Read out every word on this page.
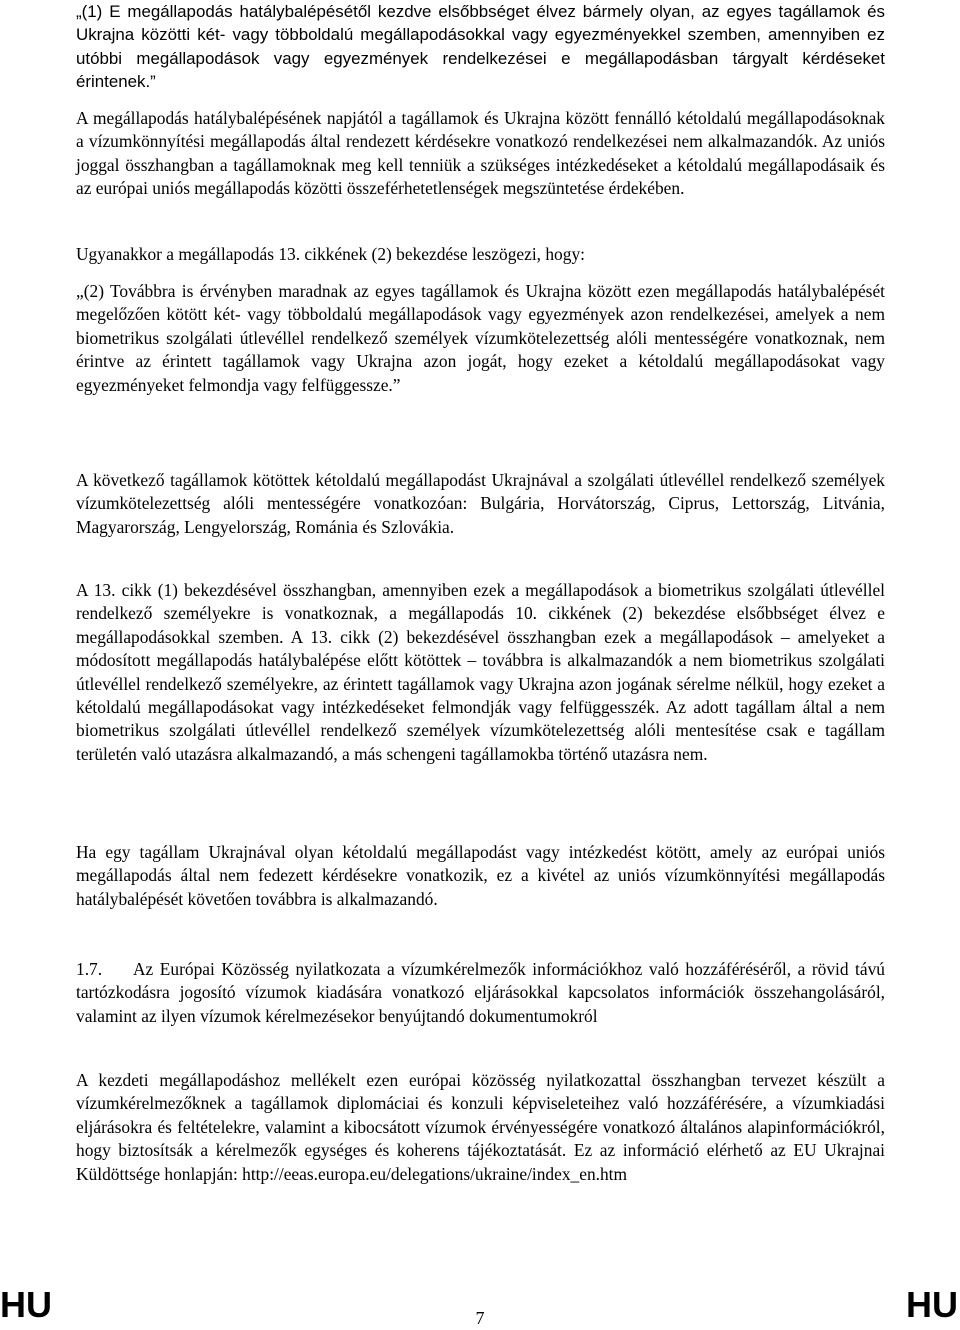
„(1) E megállapodás hatálybalépésétől kezdve elsőbbséget élvez bármely olyan, az egyes tagállamok és Ukrajna közötti két- vagy többoldalú megállapodásokkal vagy egyezményekkel szemben, amennyiben ez utóbbi megállapodások vagy egyezmények rendelkezései e megállapodásban tárgyalt kérdéseket érintenek.”

A megállapodás hatálybalépésének napjától a tagállamok és Ukrajna között fennálló kétoldalú megállapodásoknak a vízumkönnyítési megállapodás által rendezett kérdésekre vonatkozó rendelkezései nem alkalmazandók. Az uniós joggal összhangban a tagállamoknak meg kell tenniük a szükséges intézkedéseket a kétoldalú megállapodásaik és az európai uniós megállapodás közötti összeférhetetlenségek megszüntetése érdekében.

Ugyanakkor a megállapodás 13. cikkének (2) bekezdése leszögezi, hogy:

„(2) Továbbra is érvényben maradnak az egyes tagállamok és Ukrajna között ezen megállapodás hatálybalépését megelőzően kötött két- vagy többoldalú megállapodások vagy egyezmények azon rendelkezései, amelyek a nem biometrikus szolgálati útlevéllel rendelkező személyek vízumkötelezettség alóli mentességére vonatkoznak, nem érintve az érintett tagállamok vagy Ukrajna azon jogát, hogy ezeket a kétoldalú megállapodásokat vagy egyezményeket felmondja vagy felfüggessze.”

A következő tagállamok kötöttek kétoldalú megállapodást Ukrajnával a szolgálati útlevéllel rendelkező személyek vízumkötelezettség alóli mentességére vonatkozóan: Bulgária, Horvátország, Ciprus, Lettország, Litvánia, Magyarország, Lengyelország, Románia és Szlovákia.

A 13. cikk (1) bekezdésével összhangban, amennyiben ezek a megállapodások a biometrikus szolgálati útlevéllel rendelkező személyekre is vonatkoznak, a megállapodás 10. cikkének (2) bekezdése elsőbbséget élvez e megállapodásokkal szemben. A 13. cikk (2) bekezdésével összhangban ezek a megállapodások – amelyeket a módosított megállapodás hatálybalépése előtt kötöttek – továbbra is alkalmazandók a nem biometrikus szolgálati útlevéllel rendelkező személyekre, az érintett tagállamok vagy Ukrajna azon jogának sérelme nélkül, hogy ezeket a kétoldalú megállapodásokat vagy intézkedéseket felmondják vagy felfüggesszék. Az adott tagállam által a nem biometrikus szolgálati útlevéllel rendelkező személyek vízumkötelezettség alóli mentesítése csak e tagállam területén való utazásra alkalmazandó, a más schengeni tagállamokba történő utazásra nem.

Ha egy tagállam Ukrajnával olyan kétoldalú megállapodást vagy intézkedést kötött, amely az európai uniós megállapodás által nem fedezett kérdésekre vonatkozik, ez a kivétel az uniós vízumkönnyítési megállapodás hatálybalépését követően továbbra is alkalmazandó.

1.7. Az Európai Közösség nyilatkozata a vízumkérelmezők információkhoz való hozzáféréséről, a rövid távú tartózkodásra jogosító vízumok kiadására vonatkozó eljárásokkal kapcsolatos információk összehangolásáról, valamint az ilyen vízumok kérelmezésekor benyújtandó dokumentumokról

A kezdeti megállapodáshoz mellékelt ezen európai közösség nyilatkozattal összhangban tervezet készült a vízumkérelmezőknek a tagállamok diplomáciai és konzuli képviseleteihez való hozzáférésére, a vízumkiadási eljárásokra és feltételekre, valamint a kibocsátott vízumok érvényességére vonatkozó általános alapinformációkról, hogy biztosítsák a kérelmezők egységes és koherens tájékoztatását. Ez az információ elérhető az EU Ukrajnai Küldöttsége honlapján: http://eeas.europa.eu/delegations/ukraine/index_en.htm

HU	7	HU
